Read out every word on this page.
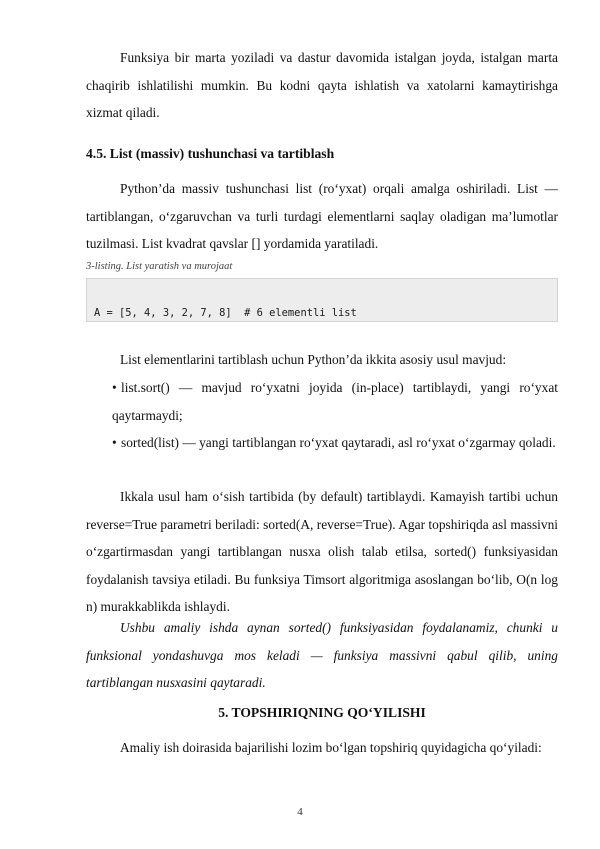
Funksiya bir marta yoziladi va dastur davomida istalgan joyda, istalgan marta chaqirib ishlatilishi mumkin. Bu kodni qayta ishlatish va xatolarni kamaytirishga xizmat qiladi.

4.5. List (massiv) tushunchasi va tartiblash

Python’da massiv tushunchasi list (ro‘yxat) orqali amalga oshiriladi. List — tartiblangan, o‘zgaruvchan va turli turdagi elementlarni saqlay oladigan ma’lumotlar tuzilmasi. List kvadrat qavslar [] yordamida yaratiladi.

3-listing. List yaratish va murojaat

A = [5, 4, 3, 2, 7, 8]  # 6 elementli list

List elementlarini tartiblash uchun Python’da ikkita asosiy usul mavjud:

• list.sort() — mavjud ro‘yxatni joyida (in-place) tartiblaydi, yangi ro‘yxat qaytarmaydi;

• sorted(list) — yangi tartiblangan ro‘yxat qaytaradi, asl ro‘yxat o‘zgarmay qoladi.

Ikkala usul ham o‘sish tartibida (by default) tartiblaydi. Kamayish tartibi uchun reverse=True parametri beriladi: sorted(A, reverse=True). Agar topshiriqda asl massivni o‘zgartirmasdan yangi tartiblangan nusxa olish talab etilsa, sorted() funksiyasidan foydalanish tavsiya etiladi. Bu funksiya Timsort algoritmiga asoslangan bo‘lib, O(n log n) murakkablikda ishlaydi.

Ushbu amaliy ishda aynan sorted() funksiyasidan foydalanamiz, chunki u funksional yondashuvga mos keladi — funksiya massivni qabul qilib, uning tartiblangan nusxasini qaytaradi.

5. TOPSHIRIQNING QO‘YILISHI

Amaliy ish doirasida bajarilishi lozim bo‘lgan topshiriq quyidagicha qo‘yiladi:

4
